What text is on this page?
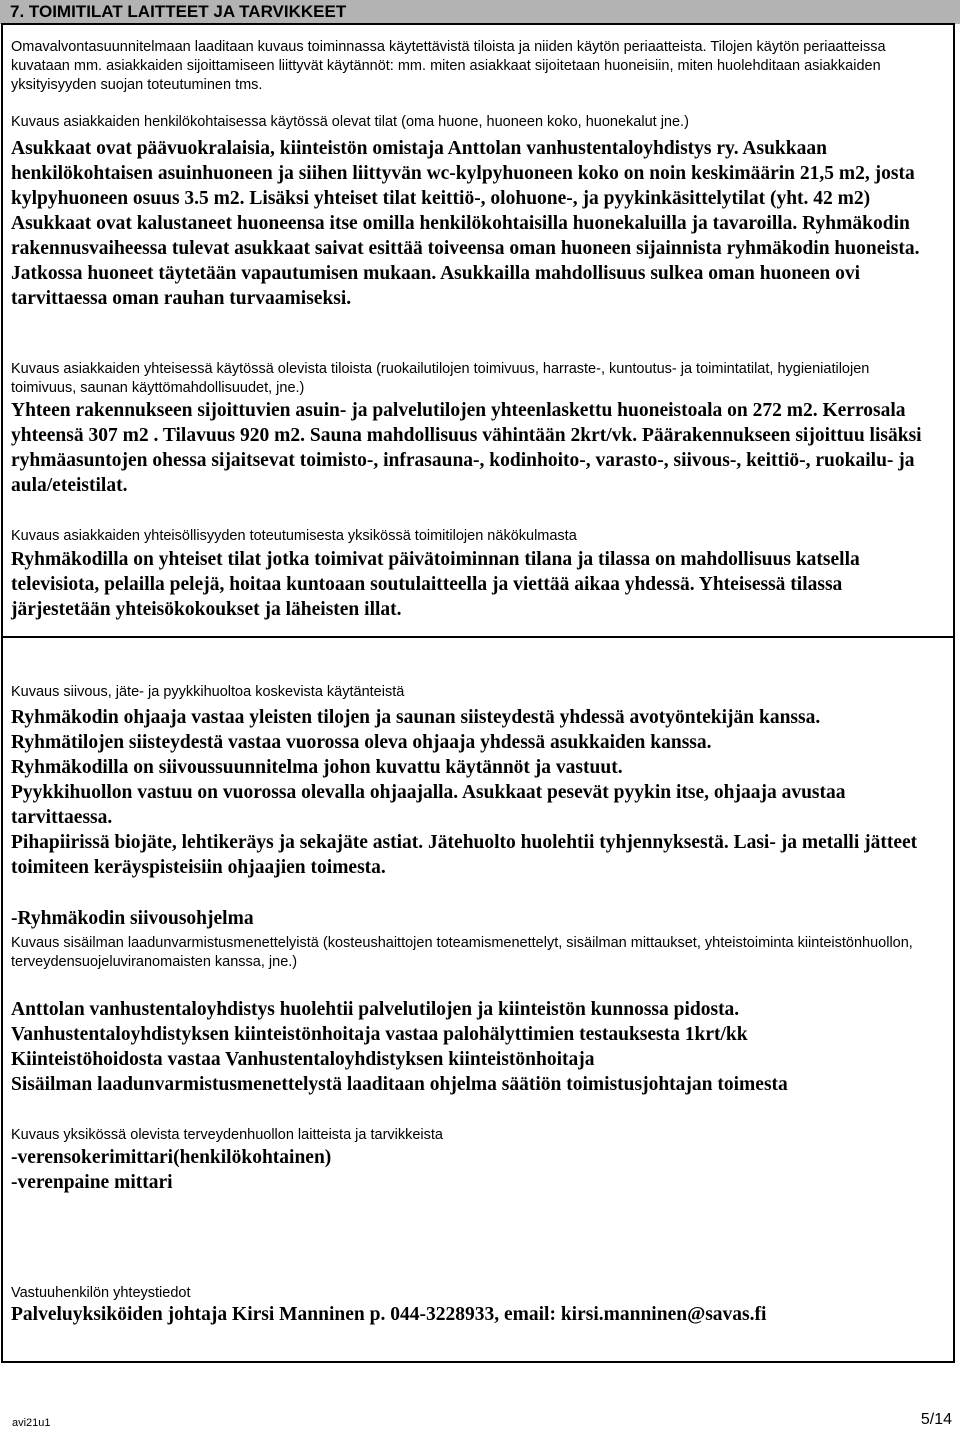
7. TOIMITILAT LAITTEET JA TARVIKKEET
Omavalvontasuunnitelmaan laaditaan kuvaus toiminnassa käytettävistä tiloista ja niiden käytön periaatteista. Tilojen käytön periaatteissa kuvataan mm. asiakkaiden sijoittamiseen liittyvät käytännöt: mm. miten asiakkaat sijoitetaan huoneisiin, miten huolehditaan asiakkaiden yksityisyyden suojan toteutuminen tms.
Kuvaus asiakkaiden henkilökohtaisessa käytössä olevat tilat (oma huone, huoneen koko, huonekalut jne.)
Asukkaat ovat päävuokralaisia, kiinteistön omistaja Anttolan vanhustentaloyhdistys ry. Asukkaan henkilökohtaisen asuinhuoneen ja siihen liittyvän wc-kylpyhuoneen koko on noin keskimäärin 21,5 m2, josta kylpyhuoneen osuus 3.5 m2. Lisäksi yhteiset tilat keittiö-, olohuone-, ja pyykinkäsittelytilat (yht. 42 m2) Asukkaat ovat kalustaneet huoneensa itse omilla henkilökohtaisilla huonekaluilla ja tavaroilla. Ryhmäkodin rakennusvaiheessa tulevat asukkaat saivat esittää toiveensa oman huoneen sijainnista ryhmäkodin huoneista. Jatkossa huoneet täytetään vapautumisen mukaan. Asukkailla mahdollisuus sulkea oman huoneen ovi tarvittaessa oman rauhan turvaamiseksi.
Kuvaus asiakkaiden yhteisessä käytössä olevista tiloista (ruokailutilojen toimivuus, harraste-, kuntoutus- ja toimintatilat, hygieniatilojen toimivuus, saunan käyttömahdollisuudet, jne.)
Yhteen rakennukseen sijoittuvien asuin- ja palvelutilojen yhteenlaskettu huoneistoala on 272 m2. Kerrosala yhteensä 307 m2 . Tilavuus 920 m2. Sauna mahdollisuus vähintään 2krt/vk. Päärakennukseen sijoittuu lisäksi ryhmäasuntojen ohessa sijaitsevat toimisto-, infrasauna-, kodinhoito-, varasto-, siivous-, keittiö-, ruokailu- ja aula/eteistilat.
Kuvaus asiakkaiden yhteisöllisyyden toteutumisesta yksikössä toimitilojen näkökulmasta
Ryhmäkodilla on yhteiset tilat jotka toimivat päivätoiminnan tilana ja tilassa on mahdollisuus katsella televisiota, pelailla pelejä, hoitaa kuntoaan soutulaitteella ja viettää aikaa yhdessä. Yhteisessä tilassa järjestetään yhteisökokoukset ja läheisten illat.
Kuvaus siivous, jäte- ja pyykkihuoltoa koskevista käytänteistä

Ryhmäkodin ohjaaja vastaa yleisten tilojen ja saunan siisteydestä yhdessä avotyöntekijän kanssa.

Ryhmätilojen siisteydestä vastaa vuorossa oleva ohjaaja yhdessä asukkaiden kanssa.

Ryhmäkodilla on siivoussuunnitelma johon kuvattu käytännöt ja vastuut.

Pyykkihuollon vastuu on vuorossa olevalla ohjaajalla. Asukkaat pesevät pyykin itse, ohjaaja avustaa tarvittaessa.

Pihapiirissä biojäte, lehtikeräys ja sekajäte astiat. Jätehuolto huolehtii tyhjennyksestä. Lasi- ja metalli jätteet toimiteen keräyspisteisiin ohjaajien toimesta.

-Ryhmäkodin siivousohjelma
Kuvaus sisäilman laadunvarmistusmenettelyistä (kosteushaittojen toteamismenettelyt, sisäilman mittaukset, yhteistoiminta kiinteistönhuollon, terveydensuojeluviranomaisten kanssa, jne.)

Anttolan vanhustentaloyhdistys huolehtii palvelutilojen ja kiinteistön kunnossa pidosta.

Vanhustentaloyhdistyksen kiinteistönhoitaja vastaa palohälyttimien testauksesta 1krt/kk

Kiinteistöhoidosta vastaa Vanhustentaloyhdistyksen kiinteistönhoitaja

Sisäilman laadunvarmistusmenettelystä laaditaan ohjelma säätiön toimistusjohtajan toimesta

Kuvaus yksikössä olevista terveydenhuollon laitteista ja tarvikkeista

-verensokerimittari(henkilökohtainen)

-verenpaine mittari

Vastuuhenkilön yhteystiedot
Palveluyksiköiden johtaja Kirsi Manninen p. 044-3228933, email: kirsi.manninen@savas.fi
avi21u1	5/14
